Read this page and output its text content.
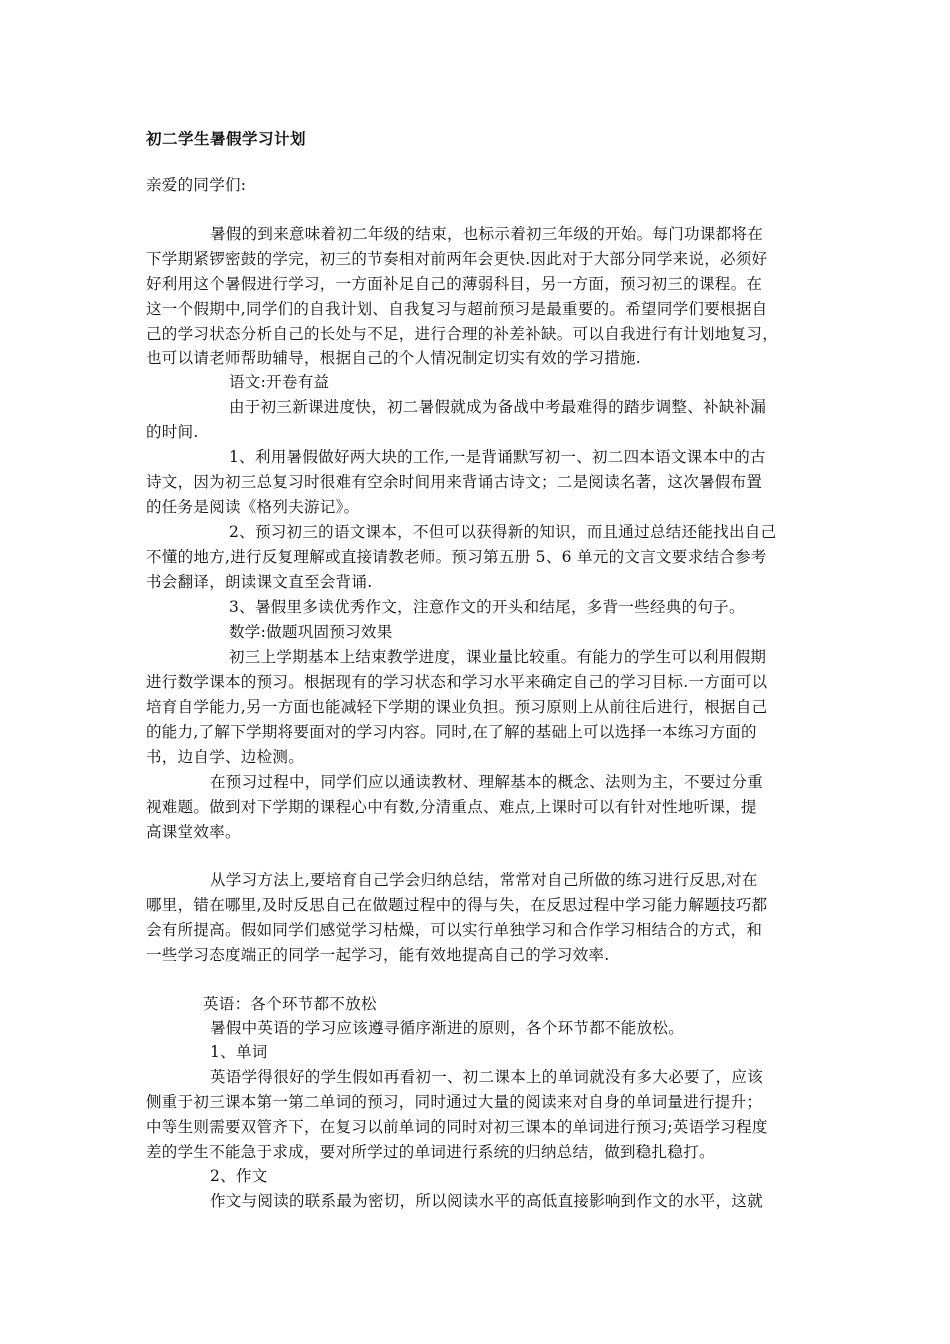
初二学生暑假学习计划
亲爱的同学们:
暑假的到来意味着初二年级的结束，也标示着初三年级的开始。每门功课都将在
下学期紧锣密鼓的学完，初三的节奏相对前两年会更快.因此对于大部分同学来说，必须好
好利用这个暑假进行学习，一方面补足自己的薄弱科目，另一方面，预习初三的课程。在
这一个假期中,同学们的自我计划、自我复习与超前预习是最重要的。希望同学们要根据自
己的学习状态分析自己的长处与不足，进行合理的补差补缺。可以自我进行有计划地复习，
也可以请老师帮助辅导，根据自己的个人情况制定切实有效的学习措施.
语文:开卷有益
由于初三新课进度快，初二暑假就成为备战中考最难得的踏步调整、补缺补漏
的时间.
1、利用暑假做好两大块的工作,一是背诵默写初一、初二四本语文课本中的古
诗文，因为初三总复习时很难有空余时间用来背诵古诗文；二是阅读名著，这次暑假布置
的任务是阅读《格列夫游记》。
2、预习初三的语文课本，不但可以获得新的知识，而且通过总结还能找出自己
不懂的地方,进行反复理解或直接请教老师。预习第五册 5、6 单元的文言文要求结合参考
书会翻译，朗读课文直至会背诵.
3、暑假里多读优秀作文，注意作文的开头和结尾，多背一些经典的句子。
数学:做题巩固预习效果
初三上学期基本上结束教学进度，课业量比较重。有能力的学生可以利用假期
进行数学课本的预习。根据现有的学习状态和学习水平来确定自己的学习目标.一方面可以
培育自学能力,另一方面也能减轻下学期的课业负担。预习原则上从前往后进行，根据自己
的能力,了解下学期将要面对的学习内容。同时,在了解的基础上可以选择一本练习方面的
书，边自学、边检测。
在预习过程中，同学们应以通读教材、理解基本的概念、法则为主，不要过分重
视难题。做到对下学期的课程心中有数,分清重点、难点,上课时可以有针对性地听课，提
高课堂效率。
从学习方法上,要培育自己学会归纳总结，常常对自己所做的练习进行反思,对在
哪里，错在哪里,及时反思自己在做题过程中的得与失，在反思过程中学习能力解题技巧都
会有所提高。假如同学们感觉学习枯燥，可以实行单独学习和合作学习相结合的方式，和
一些学习态度端正的同学一起学习，能有效地提高自己的学习效率.
英语：各个环节都不放松
暑假中英语的学习应该遵寻循序渐进的原则，各个环节都不能放松。
1、单词
英语学得很好的学生假如再看初一、初二课本上的单词就没有多大必要了，应该
侧重于初三课本第一第二单词的预习，同时通过大量的阅读来对自身的单词量进行提升；
中等生则需要双管齐下，在复习以前单词的同时对初三课本的单词进行预习;英语学习程度
差的学生不能急于求成，要对所学过的单词进行系统的归纳总结，做到稳扎稳打。
2、作文
作文与阅读的联系最为密切，所以阅读水平的高低直接影响到作文的水平，这就
